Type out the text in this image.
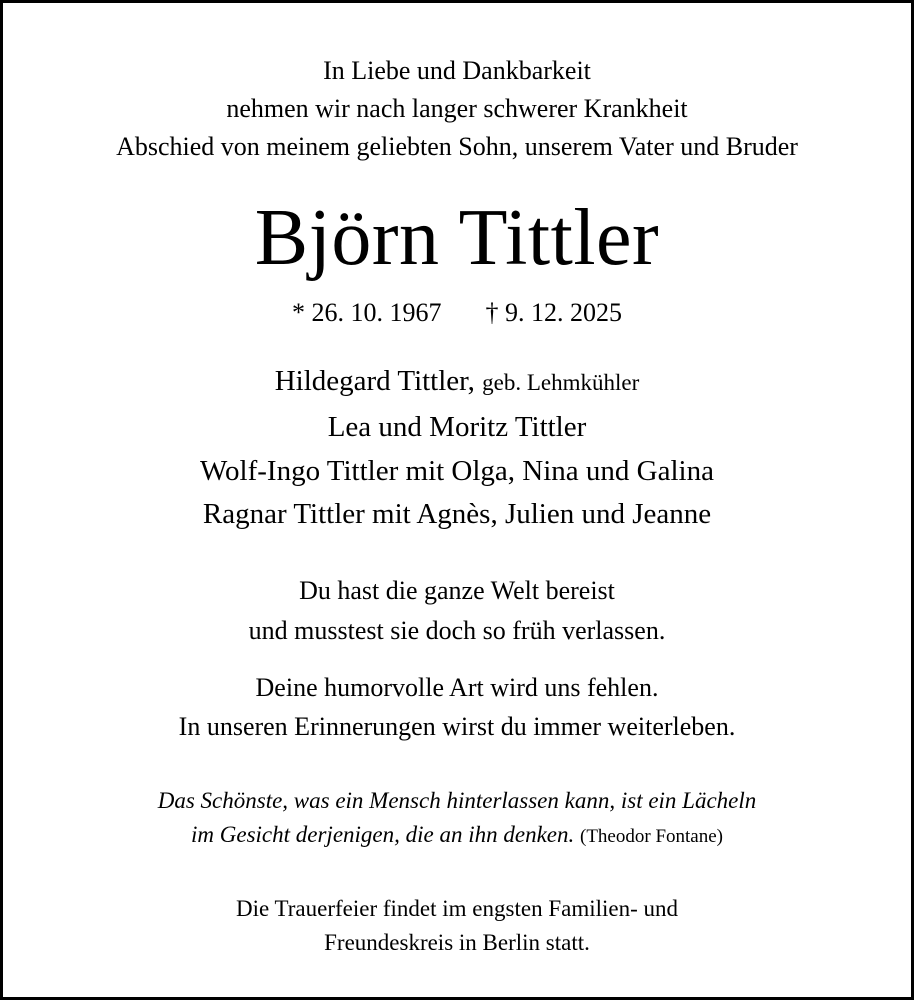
In Liebe und Dankbarkeit
nehmen wir nach langer schwerer Krankheit
Abschied von meinem geliebten Sohn, unserem Vater und Bruder
Björn Tittler
* 26. 10. 1967 † 9. 12. 2025
Hildegard Tittler, geb. Lehmkühler
Lea und Moritz Tittler
Wolf-Ingo Tittler mit Olga, Nina und Galina
Ragnar Tittler mit Agnès, Julien und Jeanne
Du hast die ganze Welt bereist
und musstest sie doch so früh verlassen.
Deine humorvolle Art wird uns fehlen.
In unseren Erinnerungen wirst du immer weiterleben.
Das Schönste, was ein Mensch hinterlassen kann, ist ein Lächeln
im Gesicht derjenigen, die an ihn denken. (Theodor Fontane)
Die Trauerfeier findet im engsten Familien- und
Freundeskreis in Berlin statt.
